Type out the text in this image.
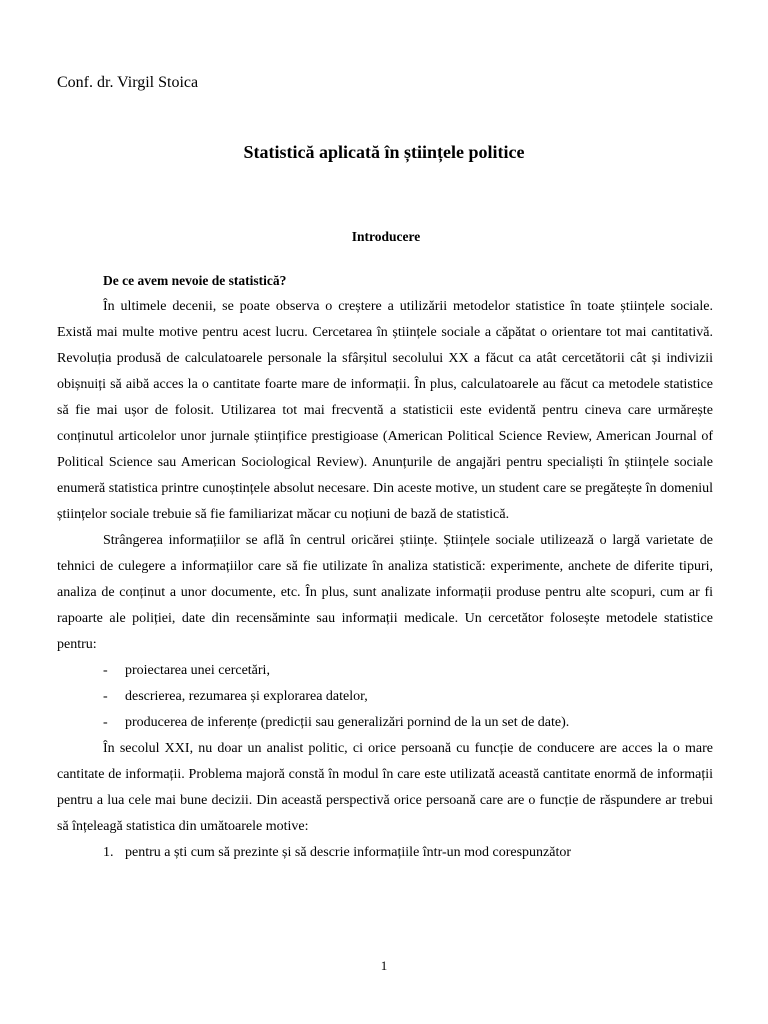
Conf. dr. Virgil Stoica

Statistică aplicată în științele politice
Introducere

De ce avem nevoie de statistică?

În ultimele decenii, se poate observa o creștere a utilizării metodelor statistice în toate științele sociale. Există mai multe motive pentru acest lucru. Cercetarea în științele sociale a căpătat o orientare tot mai cantitativă. Revoluția produsă de calculatoarele personale la sfârșitul secolului XX a făcut ca atât cercetătorii cât și indivizii obișnuiți să aibă acces la o cantitate foarte mare de informații. În plus, calculatoarele au făcut ca metodele statistice să fie mai ușor de folosit. Utilizarea tot mai frecventă a statisticii este evidentă pentru cineva care urmărește conținutul articolelor unor jurnale științifice prestigioase (American Political Science Review, American Journal of Political Science sau American Sociological Review). Anunțurile de angajări pentru specialiști în științele sociale enumeră statistica printre cunoștințele absolut necesare. Din aceste motive, un student care se pregătește în domeniul științelor sociale trebuie să fie familiarizat măcar cu noțiuni de bază de statistică.

Strângerea informațiilor se află în centrul oricărei științe. Științele sociale utilizează o largă varietate de tehnici de culegere a informațiilor care să fie utilizate în analiza statistică: experimente, anchete de diferite tipuri, analiza de conținut a unor documente, etc. În plus, sunt analizate informații produse pentru alte scopuri, cum ar fi rapoarte ale poliției, date din recensăminte sau informații medicale. Un cercetător folosește metodele statistice pentru:

- proiectarea unei cercetări,
- descrierea, rezumarea și explorarea datelor,
- producerea de inferențe (predicții sau generalizări pornind de la un set de date).

În secolul XXI, nu doar un analist politic, ci orice persoană cu funcție de conducere are acces la o mare cantitate de informații. Problema majoră constă în modul în care este utilizată această cantitate enormă de informații pentru a lua cele mai bune decizii. Din această perspectivă orice persoană care are o funcție de răspundere ar trebui să înțeleagă statistica din umătoarele motive:

1. pentru a ști cum să prezinte și să descrie informațiile într-un mod corespunzător

1
